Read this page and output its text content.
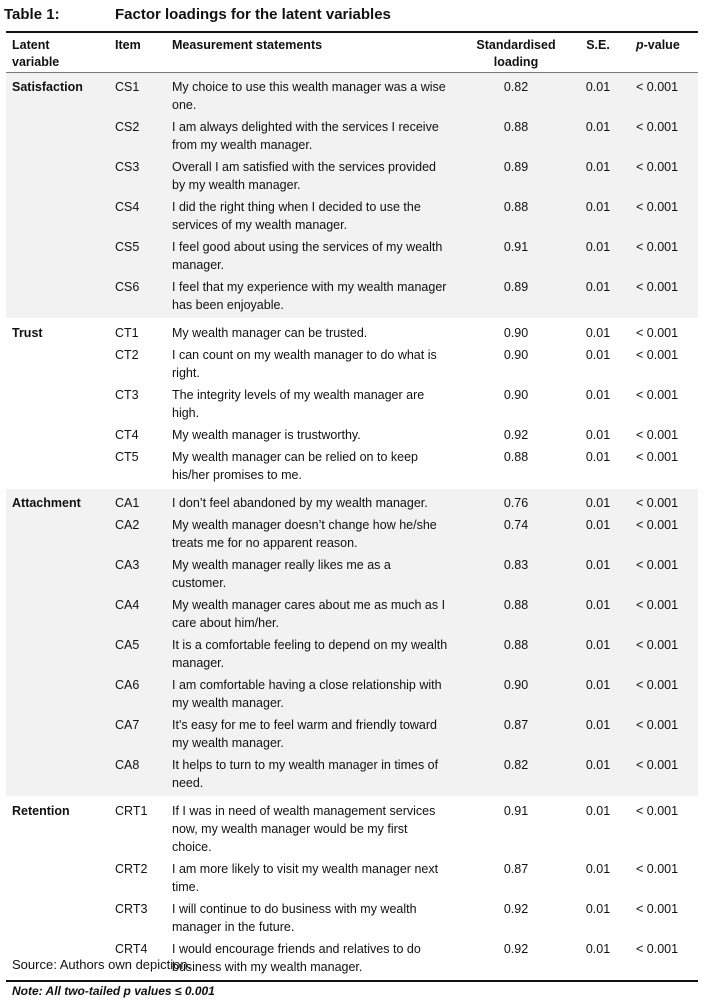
Table 1:	Factor loadings for the latent variables
Latent
variable
Item	Measurement statements	Standardised
loading
S.E.	p-value
Satisfaction	CS1	My choice to use this wealth manager was a wise
one.
0.82	0.01	< 0.001
CS2	I am always delighted with the services I receive
from my wealth manager.
0.88	0.01	< 0.001
CS3	Overall I am satisfied with the services provided
by my wealth manager.
0.89	0.01	< 0.001
CS4	I did the right thing when I decided to use the
services of my wealth manager.
0.88	0.01	< 0.001
CS5	I feel good about using the services of my wealth
manager.
0.91	0.01	< 0.001
CS6	I feel that my experience with my wealth manager
has been enjoyable.
0.89	0.01	< 0.001
Trust	CT1	My wealth manager can be trusted.	0.90	0.01	< 0.001
CT2	I can count on my wealth manager to do what is
right.
0.90	0.01	< 0.001
CT3	The integrity levels of my wealth manager are
high.
0.90	0.01	< 0.001
CT4	My wealth manager is trustworthy.	0.92	0.01	< 0.001
CT5	My wealth manager can be relied on to keep
his/her promises to me.
0.88	0.01	< 0.001
Attachment	CA1	I don’t feel abandoned by my wealth manager.	0.76	0.01	< 0.001
CA2	My wealth manager doesn’t change how he/she
treats me for no apparent reason.
0.74	0.01	< 0.001
CA3	My wealth manager really likes me as a
customer.
0.83	0.01	< 0.001
CA4	My wealth manager cares about me as much as I
care about him/her.
0.88	0.01	< 0.001
CA5	It is a comfortable feeling to depend on my wealth
manager.
0.88	0.01	< 0.001
CA6	I am comfortable having a close relationship with
my wealth manager.
0.90	0.01	< 0.001
CA7	It's easy for me to feel warm and friendly toward
my wealth manager.
0.87	0.01	< 0.001
CA8	It helps to turn to my wealth manager in times of
need.
0.82	0.01	< 0.001
Retention	CRT1 If I was in need of wealth management services
now, my wealth manager would be my first
choice.
0.91	0.01	< 0.001
CRT2 I am more likely to visit my wealth manager next
time.
0.87	0.01	< 0.001
CRT3 I will continue to do business with my wealth
manager in the future.
0.92	0.01	< 0.001
CRT4 I would encourage friends and relatives to do
business with my wealth manager.
0.92	0.01	< 0.001
Source: Authors own depiction.
Note: All two-tailed p values ≤ 0.001
